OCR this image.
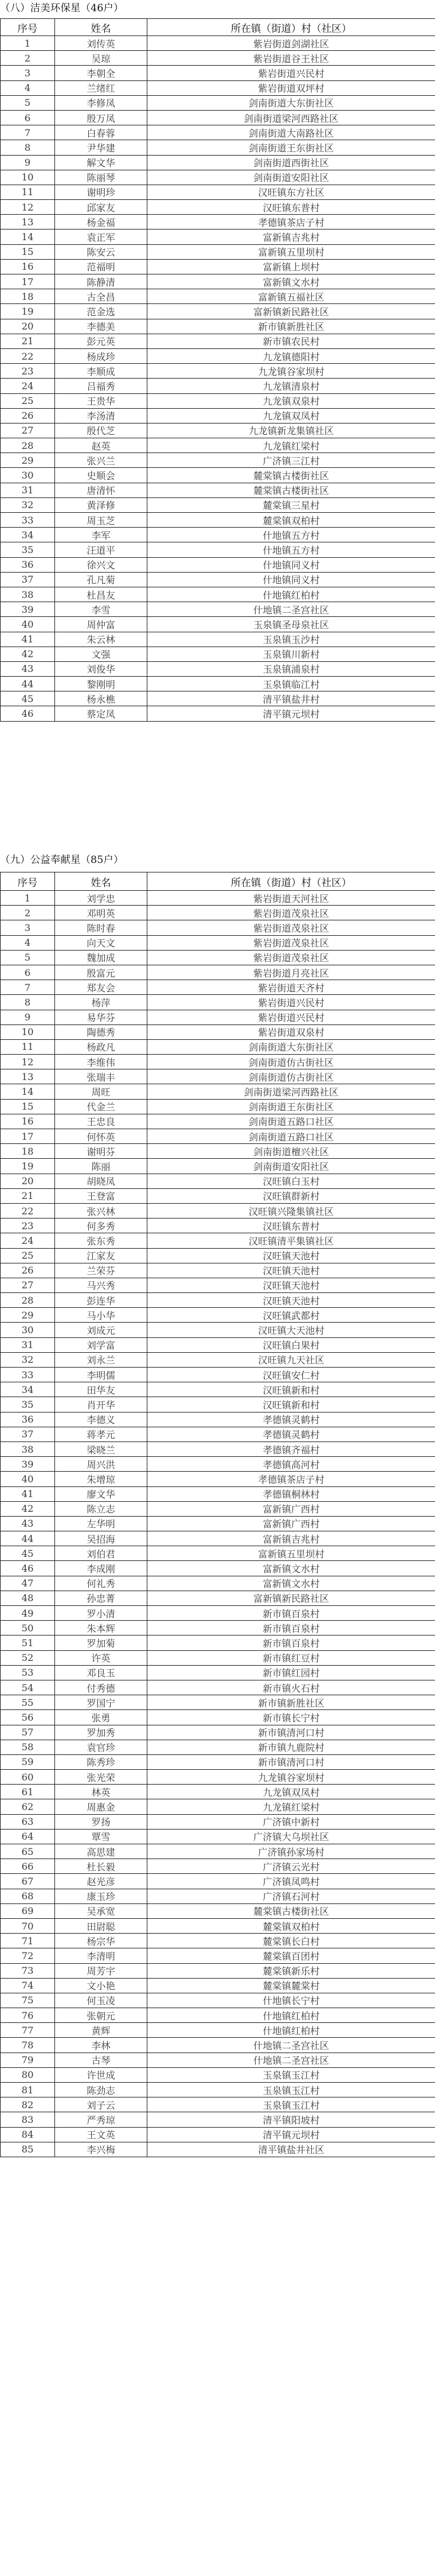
（八）洁美环保星（46户）
序号	姓名	所在镇（街道）村（社区）
1	刘传英	紫岩街道剑湖社区
2	吴琼	紫岩街道谷王社区
3	李朝全	紫岩街道兴民村
4	兰绪红	紫岩街道双坪村
5	李修凤	剑南街道大东街社区
6	殷万凤	剑南街道梁河西路社区
7	白春蓉	剑南街道大南路社区
8	尹华建	剑南街道王东街社区
9	解文华	剑南街道西街社区
10	陈丽琴	剑南街道安阳社区
11	谢明珍	汉旺镇东方社区
12	邱家友	汉旺镇东普村
13	杨金福	孝德镇茶店子村
14	袁正军	富新镇吉兆村
15	陈安云	富新镇五里坝村
16	范福明	富新镇上坝村
17	陈静清	富新镇文水村
18	古全昌	富新镇五福社区
19	范金选	富新镇新民路社区
20	李德美	新市镇新胜社区
21	彭元英	新市镇农民村
22	杨成珍	九龙镇德阳村
23	李顺成	九龙镇谷家坝村
24	吕福秀	九龙镇清泉村
25	王贵华	九龙镇双泉村
26	李汤清	九龙镇双凤村
27	殷代芝	九龙镇新龙集镇社区
28	赵英	九龙镇红梁村
29	张兴兰	广济镇三江村
30	史顺会	麓棠镇古楼街社区
31	唐清怀	麓棠镇古楼街社区
32	黄泽修	麓棠镇三星村
33	周玉芝	麓棠镇双柏村
34	李军	什地镇五方村
35	汪道平	什地镇五方村
36	徐兴文	什地镇同义村
37	孔凡菊	什地镇同义村
38	杜昌友	什地镇红柏村
39	李雪	什地镇二圣宫社区
40	周仲富	玉泉镇圣母泉社区
41	朱云林	玉泉镇玉沙村
42	文强	玉泉镇川新村
43	刘俊华	玉泉镇浦泉村
44	黎刚明	玉泉镇临江村
45	杨永樵	清平镇盐井村
46	蔡定凤	清平镇元坝村
（九）公益奉献星（85户）
序号	姓名	所在镇（街道）村（社区）
1	刘学忠	紫岩街道天河社区
2	邓明英	紫岩街道茂泉社区
3	陈时春	紫岩街道茂泉社区
4	向天文	紫岩街道茂泉社区
5	魏加成	紫岩街道茂泉社区
6	殷富元	紫岩街道月亮社区
7	郑友会	紫岩街道天齐村
8	杨萍	紫岩街道兴民村
9	易华芬	紫岩街道兴民村
10	陶德秀	紫岩街道双泉村
11	杨政凡	剑南街道大东街社区
12	李维伟	剑南街道仿古街社区
13	张瑞丰	剑南街道仿古街社区
14	周旺	剑南街道梁河西路社区
15	代金兰	剑南街道王东街社区
16	王忠良	剑南街道五路口社区
17	何怀英	剑南街道五路口社区
18	谢明芬	剑南街道檀兴社区
19	陈丽	剑南街道安阳社区
20	胡晓凤	汉旺镇白玉村
21	王登富	汉旺镇群新村
22	张兴林	汉旺镇兴隆集镇社区
23	何多秀	汉旺镇东普村
24	张东秀	汉旺镇清平集镇社区
25	江家友	汉旺镇天池村
26	兰荣芬	汉旺镇天池村
27	马兴秀	汉旺镇天池村
28	彭连华	汉旺镇天池村
29	马小华	汉旺镇武都村
30	刘成元	汉旺镇大天池村
31	刘学富	汉旺镇白果村
32	刘永兰	汉旺镇九天社区
33	李明儒	汉旺镇安仁村
34	田华友	汉旺镇新和村
35	肖开华	汉旺镇新和村
36	李德义	孝德镇灵鹤村
37	蒋孝元	孝德镇灵鹤村
38	梁晓兰	孝德镇齐福村
39	周兴洪	孝德镇高河村
40	朱增琼	孝德镇茶店子村
41	廖文华	孝德镇桐林村
42	陈立志	富新镇广西村
43	左华明	富新镇广西村
44	吴招海	富新镇吉兆村
45	刘伯君	富新镇五里坝村
46	李成刚	富新镇文水村
47	何礼秀	富新镇文水村
48	孙忠菁	富新镇新民路社区
49	罗小清	新市镇百泉村
50	朱本辉	新市镇百泉村
51	罗加菊	新市镇百泉村
52	许英	新市镇红豆村
53	邓良玉	新市镇红园村
54	付秀德	新市镇火石村
55	罗国宁	新市镇新胜社区
56	张勇	新市镇长宁村
57	罗加秀	新市镇清河口村
58	袁官珍	新市镇九鹿院村
59	陈秀珍	新市镇清河口村
60	张光荣	九龙镇谷家坝村
61	林英	九龙镇双凤村
62	周惠金	九龙镇红梁村
63	罗扬	广济镇中新村
64	覃雪	广济镇大乌坝社区
65	高思建	广济镇孙家场村
66	杜长毅	广济镇云光村
67	赵光彦	广济镇凤鸣村
68	康玉珍	广济镇石河村
69	吴承宽	麓棠镇古楼街社区
70	田尉聪	麓棠镇双柏村
71	杨宗华	麓棠镇长白村
72	李清明	麓棠镇百团村
73	周芳宇	麓棠镇新乐村
74	文小艳	麓棠镇麓棠村
75	何玉凌	什地镇长宁村
76	张朝元	什地镇红柏村
77	黄辉	什地镇红柏村
78	李林	什地镇二圣宫社区
79	古琴	什地镇二圣宫社区
80	许世成	玉泉镇玉江村
81	陈劲志	玉泉镇玉江村
82	刘子云	玉泉镇玉江村
83	严秀琼	清平镇阳坡村
84	王文英	清平镇元坝村
85	李兴梅	清平镇盐井社区
